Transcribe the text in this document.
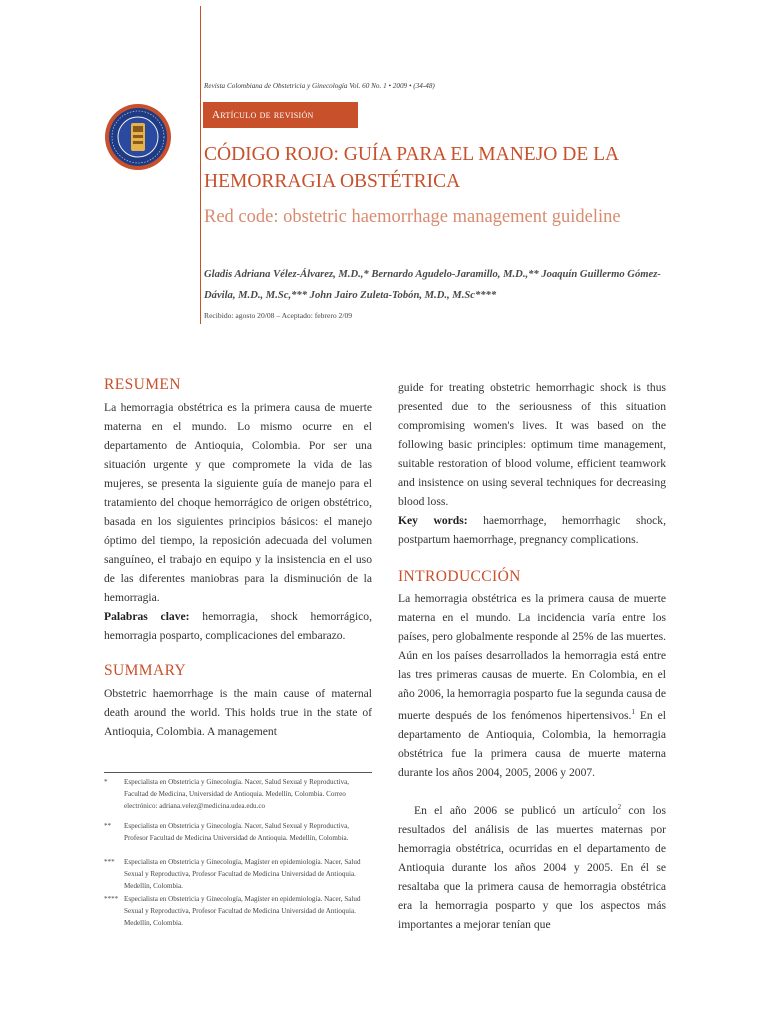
Revista Colombiana de Obstetricia y Ginecología Vol. 60 No. 1 • 2009 • (34-48)
Artículo de revisión
CÓDIGO ROJO: GUÍA PARA EL MANEJO DE LA HEMORRAGIA OBSTÉTRICA
Red code: obstetric haemorrhage management guideline
Gladis Adriana Vélez-Álvarez, M.D.,* Bernardo Agudelo-Jaramillo, M.D.,** Joaquín Guillermo Gómez-Dávila, M.D., M.Sc,*** John Jairo Zuleta-Tobón, M.D., M.Sc****
Recibido: agosto 20/08 – Aceptado: febrero 2/09
RESUMEN
La hemorragia obstétrica es la primera causa de muerte materna en el mundo. Lo mismo ocurre en el departamento de Antioquia, Colombia. Por ser una situación urgente y que compromete la vida de las mujeres, se presenta la siguiente guía de manejo para el tratamiento del choque hemorrágico de origen obstétrico, basada en los siguientes principios básicos: el manejo óptimo del tiempo, la reposición adecuada del volumen sanguíneo, el trabajo en equipo y la insistencia en el uso de las diferentes maniobras para la disminución de la hemorragia.
Palabras clave: hemorragia, shock hemorrágico, hemorragia posparto, complicaciones del embarazo.
SUMMARY
Obstetric haemorrhage is the main cause of maternal death around the world. This holds true in the state of Antioquia, Colombia. A management
* Especialista en Obstetricia y Ginecología. Nacer, Salud Sexual y Reproductiva, Facultad de Medicina, Universidad de Antioquia. Medellín, Colombia. Correo electrónico: adriana.velez@medicina.udea.edu.co
** Especialista en Obstetricia y Ginecología. Nacer, Salud Sexual y Reproductiva, Profesor Facultad de Medicina Universidad de Antioquia. Medellín, Colombia.
*** Especialista en Obstetricia y Ginecología, Magíster en epidemiología. Nacer, Salud Sexual y Reproductiva, Profesor Facultad de Medicina Universidad de Antioquia. Medellín, Colombia.
**** Especialista en Obstetricia y Ginecología, Magíster en epidemiología. Nacer, Salud Sexual y Reproductiva, Profesor Facultad de Medicina Universidad de Antioquia. Medellín, Colombia.
guide for treating obstetric hemorrhagic shock is thus presented due to the seriousness of this situation compromising women's lives. It was based on the following basic principles: optimum time management, suitable restoration of blood volume, efficient teamwork and insistence on using several techniques for decreasing blood loss.
Key words: haemorrhage, hemorrhagic shock, postpartum haemorrhage, pregnancy complications.
INTRODUCCIÓN
La hemorragia obstétrica es la primera causa de muerte materna en el mundo. La incidencia varía entre los países, pero globalmente responde al 25% de las muertes. Aún en los países desarrollados la hemorragia está entre las tres primeras causas de muerte. En Colombia, en el año 2006, la hemorragia posparto fue la segunda causa de muerte después de los fenómenos hipertensivos.$^1$ En el departamento de Antioquia, Colombia, la hemorragia obstétrica fue la primera causa de muerte materna durante los años 2004, 2005, 2006 y 2007.
En el año 2006 se publicó un artículo$^2$ con los resultados del análisis de las muertes maternas por hemorragia obstétrica, ocurridas en el departamento de Antioquia durante los años 2004 y 2005. En él se resaltaba que la primera causa de hemorragia obstétrica era la hemorragia posparto y que los aspectos más importantes a mejorar tenían que
